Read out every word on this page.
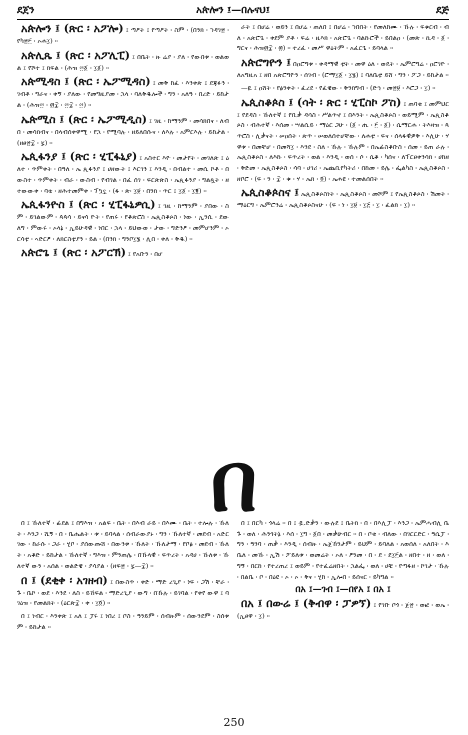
ደጀን	አጵሎን ፤—በሉናህ፤	ደጅ
አጵሎን ፤ (ጽር ፡ አፖሎ) ፤ ጣዖት ፤ የጣዖት ፡ ስም ፡ (በንክ ፡ ኀዳገ፳ ፡ የካ፳፫ ፡ ኦሐ፲) ፡፡
አጵሊጼ ፤ (ጽር ፡ አፖሊፒ) ፤ በቤት ፡ ዙ ሬያ ፡ ያለ ፡ የውበቱ ፡ ወልወል ፤ የሾተ ፤ ክፍል ፡ (ሕዝ ፵፩ ፡ ፲፩) ፡፡
አጵሚዳስ ፤ (ጽር ፡ ኤፖሚዳስ) ፤ መቅ ከፈ ፡ እንቀጽ ፤ ደጃፉን ፡ ገብቶ ፡ ግራና ፡ ቀኝ ፡ ያለው ፡ የመግዚያመ ፡ ኋላ ፡ ባለቅዱሎች ፡ ግን ፡ አለዓ ፡ በረድ ፡ ይከታል ፡ (ሕዝ፵ ፡ ፴፰ ፡ ፵፰ ፡ ፵) ፡፡
ኤጵሚስ ፤ (ጽር ፡ ኤፖሚዲስ) ፤ ገዚ ፡ ከማንም ፡ መሳክበና ፡ ለብበ ፡ መሳክብና ፡ በላብሰቀዋሚ ፡ የኋ ፡ የሚባሉ ፡ ዘይለበሱና ፡ ለእሉ ፡ አምርእሉ ፡ ይከታል ፡ (ዘፀ፳፰ ፡ ፯) ፡፡
ኤጲፋንያ ፤ (ጽር ፡ ሂፒፋኒያ) ፤ አስተር እዮ ፡ መታየት ፡ መገለጽ ፤ ዕለተ ፡ ጥምቀት ፡ በዓለ ፡ ኤ ጲፋንያ ፤ ሀዘውት ፤ እርገን ፤ እንዲ ፡ በብልተ ፡ መሲ ኮቶ ፡ በውስተ ፡ ጥምቀት ፡ ብራ ፡ ውስብ ፡ የብገል ፡ በፈ ሰገ ፡ ፍርጽጽስ ፡ ኤጲፋንያ ፡ ግልጿት ፡ ዘተውውቀ ፡ ባቴ ፡ ዘሕተመምቀ ፡ ፕኳኗ ፡ (ፋ ፡ ጽ፡ ፲፱ ፡ በንክ ፡ ጥር ፤ ፲፩ ፡ ፲፪) ፡፡
ኤጲፋንዮስ ፤ (ጽር ፡ ሂፒፋኒዎሲ) ፤ ገዚ ፡ ከማንም ፡ ያበው ፡ ስም ፡ ይገልውም ፡ ጳጳሳ ፡ ይናሳ ዮት ፡ የጠሩ ፡ የቆጵሮስ ፡ ኤጲስቆጶስ ፡ ነው ፡ ኢንሲ ፡ ደው ለግ ፡ ምውሩ ፡ ኦላኔ ፡ ኢይሁዳዊ ፡ ነበር ፡ ኋላ ፡ ይህውወ ፡ ታው ፡ ግድንፆ ፡ መምሆንም ፡ ኦርሳቲ ፡ ኣድርፆ ፡ ለክርስቲያን ፡ ይል ፡ (በንክ ፡ ግንቦ፲፮ ፡ ሊበ ፡ ቀለ ፡ ቅዱ) ፡፡
አጵሮጌ ፤ (ጽር ፡ አፖርኽ) ፤ የአቡን ፡ በሆ
ራት ፤ በሆሬ ፡ ወይን ፤ በሆሬ ፡ ጠለበ ፤ በሆሬ ፡ ኀበበት ፡ የመለከሙ ፡ ኹሉ ፡ ፍቁርብ ፡ ብለ ፡ አጵሮጌ ፡ ቀደም ያቶ ፡ ፍሬ ፡ ዚእክ ፡ አጵሮጌ ፡ ባልኩሮች ፡ ይበልዐ ፡ (መጽ ፡ ኪዳ ፡ ፩ ፡ ግርና ፡ ሕዝ፴፰ ፡ ፴) ፡፡ ተረፈ ፡ መሥ ዋዕትም ፡ አፈርጌ ፡ ይባላል ፡፡
አጵሮግዮን ፤ በዐሮግቱ ፡ ቀዳማዊ ቲት ፡ መዋ ዕለ ፡ ወዴት ፡ ኤምሮግሬ ፡ ዐሮገዮ ፡ ለአግዚአ ፤ ዘበ አጵሮግዮን ፡ ሰገብ ፡ (ሮማ፲፩ ፡ ፲፮) ፤ ባለቤቲ ይሸ ፡ ግን ፡ ፖጋ ፡ ይከታል ፡፡
—ዪ ፤ ዐሸት ፡ የፅንቀት ፡ ፈረደ ፡ የፈዌው ፡ ቅንክግብ ፡ (ድኅ ፡ መ፳፱ ፡ እሮጋ ፡ ፲) ፡፡
ኤጲስቆጶስ ፤ (ሳት ፡ ጽር ፡ ሂፒስኮ ፖስ) ፤ ጠባቂ ፤ መምህር ፤ የደዳስ ፡ ኹለተኛ ፤ የቢቃ ዳሳስ ፡ ሥልጥኖ ፤ በእንት ፡ ኤጲስቆጶስ ፡ ወይሚም ፡ ኤጲስቆጶስ ፡ ብሕተኛ ፡ እሰመ ፡ ሣልሲይ ፡ ማዕር ጋሁ ፡ (፩ ፡ ጢ ፡ ፫ ፡ ፩) ፡ ሴማርሐ ፡ ትእዛዝ ፡ ጳጥሮስ ፡ ሊቃናት ፡ ሠዐሰት ፡ ጵጥ ፡ ሠወለሰተሆቸው ፡ ለሐቲ ፡ ፍና ፡ ሰላፋዊዎቅ ፡ እሊሁ ፡ ሃዋቱ ፡ በመቸሆ ፡ በመሻ፲ ፡ እንደ ፡ ስለ ፡ ኹሉ ፡ ኹሉም ፡ በኤፊስቆቡስ ፡ ሰመ ፡ ይጠ ራሉ ፡ ኤጲስቆጶስ ፡ ለእኩ ፡ ፍጥረት ፡ ወል ፡ እንዲ ፡ ወሰ ፡ ሶ ፡ ሴቆ ፡ ካሰና ፡ ለፕርፀቀንሳክ ፡ ሀከዘ ፡ ቅድመ ፡ ኤጲስቆጶስ ፡ ሳባ ፡ ሀገሪ ፡ ኤጨቢየካትሪ ፡ በከመ ፡ ይሌ ፡ ፌልካስ ፡ ኤጲስቆጶስ ፡ ዘቦሮ ፡ (ፍ ፡ ን ፡ ፰ ፡ ቁ ፡ ሃ ፡ ኤክ ፡ ፬) ፡ ኤሐዩ ፡ ተመልሰበት ፡፡
ኤጲስቆጶስና ፤ ኤጲስቆጶስነት ፡ ኤጲስቆጶስ ፡ መሾም ፤ የኤጲስቆጶስ ፡ ሽመት ፡ ማዕርግ ፡ ኤምሮንሬ ፡ ኤጲስቆጶስናሁ ፡ (ፍ ፡ ነ ፡ ፲፱ ፡ ፲፭ ፡ ፲ ፡ ፈልክ ፡ ፲) ፡፡
በ
በ ፤ ኹለተኛ ፡ ፊደል ፤ በግእዝ ፡ አልፍ ፡ ቤት ፡ በእብ ራይ ፡ በእሙ ፡ ቤት ፡ ተሎሉ ፡ ኹለት ፡ እንጋ ፡ ሺኝ ፡ በ ፡ ቤሔልት ፡ ቱ ፡ ይባላል ፡ ሰብራውያኑ ፡ ግን ፡ ኹለተኛ ፡ መደብ ፡ አድርገው ፡ ከራሱ ፡ ጋራ ፡ ሂቦ ፡ ያሰውጡሸ ፡ በውንቱ ፡ ኹለት ፡ ኹለታማ ፡ የቦፅ ፡ መደብ ፡ ኹለት ፡ አቆድ ፡ ይከታል ፡ ኹለተኛ ፡ ግእዝ ፡ ምንጠሌ ፡ በኹላዊ ፡ ፍጥረት ፡ አዳሀ ፡ ኹለቱ ፡ ኹለተኛ ውን ፡ አሰል ፡ ወልድዌ ፡ ያሳያል ፡ (ዘፍ፳ ፡ ፯—፰) ፡፡
በ ፤ (ደቂቀ ፡ አገዘብ) ፤ በውስጥ ፡ ቀድ ፡ ማድ ረጊያ ፡ ነፍ ፡ ጋሽ ፡ ቸራ ፡ ጉ ፡ ቤኮ ፡ ወደ ፡ እንደ ፡ ለስ ፡ ይኸፍል ፡ ማድረጊያ ፡ ውግ ፡ በኹሉ ፡ ይገባል ፡ የቀየ ውዋ ፤ ባገዕዝ ፡ የመልክት ፡ (ዕርጽ፰ ፡ ቀ ፡ ፲፬) ፡፡
በ ፤ ነብር ፡ እንቀጽ ፤ አለ ፤ ፓሩ ፤ ነበረ ፤ ቦስ ፡ ዓንይም ፡ ሰብዙም ፡ ሰውንደም ፡ ስሰቱም ፡ ይከታል ፡፡
በ ፤ በርካ ፡ ጎላሬ ፡፡ በ ፤ ዷ.ድቃን ፡ ውሉደ ፤ ቤትክ ፡ በ ፡ በእሊፓ ፡ እንጋ ፡ ኤምሓብሊ ቤጉ ፡ ወለ ፡ ሕንጎትኔ ፡ እሰ ፡ ፲ግ ፡ ፩በ ፡ መቃሁብር ፡፡ በ ፡ ቦቂ ፡ ብለው ፡ በገርርድር ፡ ዓሴፓ ፡ ግን ፡ ዓንባ ፡ ጠቃ ፡ እንዲ ፡ ሰብዙ ፡ ኤጀኸንታም ፡ ይህም ፡ ይባለል ፡ አወሰለ ፡ አለበት ፡ እቤለ ፡ መኹ ፡ ኢሽ ፡ ፖይለቱ ፡ ወመሬት ፡ ኦለ ፡ ፆንመ ፡ በ ፡ ደ ፡ ደ፲፫ል ፡ ዘበተ ፡ ዘ ፡ ወለ ፡ ግኝ ፡ በርከ ፡ የተረጠረ ፤ ወይም ፡ የተፈሬዘበት ፡ ኋልፌ ፡ ወለ ፡ ሀቹ ፡ የጣፋዘ ፡ ኮገታ ፡ ኹሉ ፡ በልቤ ፡ ቦ ፡ በዕዩ ፡ ኦ ፡ ኦ ፡ ቅና ፡ ሂከ ፡ ኢሎበ ፡ ይሰናር ፡ ይካግል ፡፡
በአ ፤—ገብ ፤—በየአ ፤ በአ ፤
በአ ፤ በውሬ ፤ (ቅብዋ ፡ ፓዎኘ) ፤ የገቡ ቦጎ ፡ ጀ፳ ፡ ወፎ ፡ ወኤ ፡ (ኢፀዋ ፡ ፲) ፡፡
250
